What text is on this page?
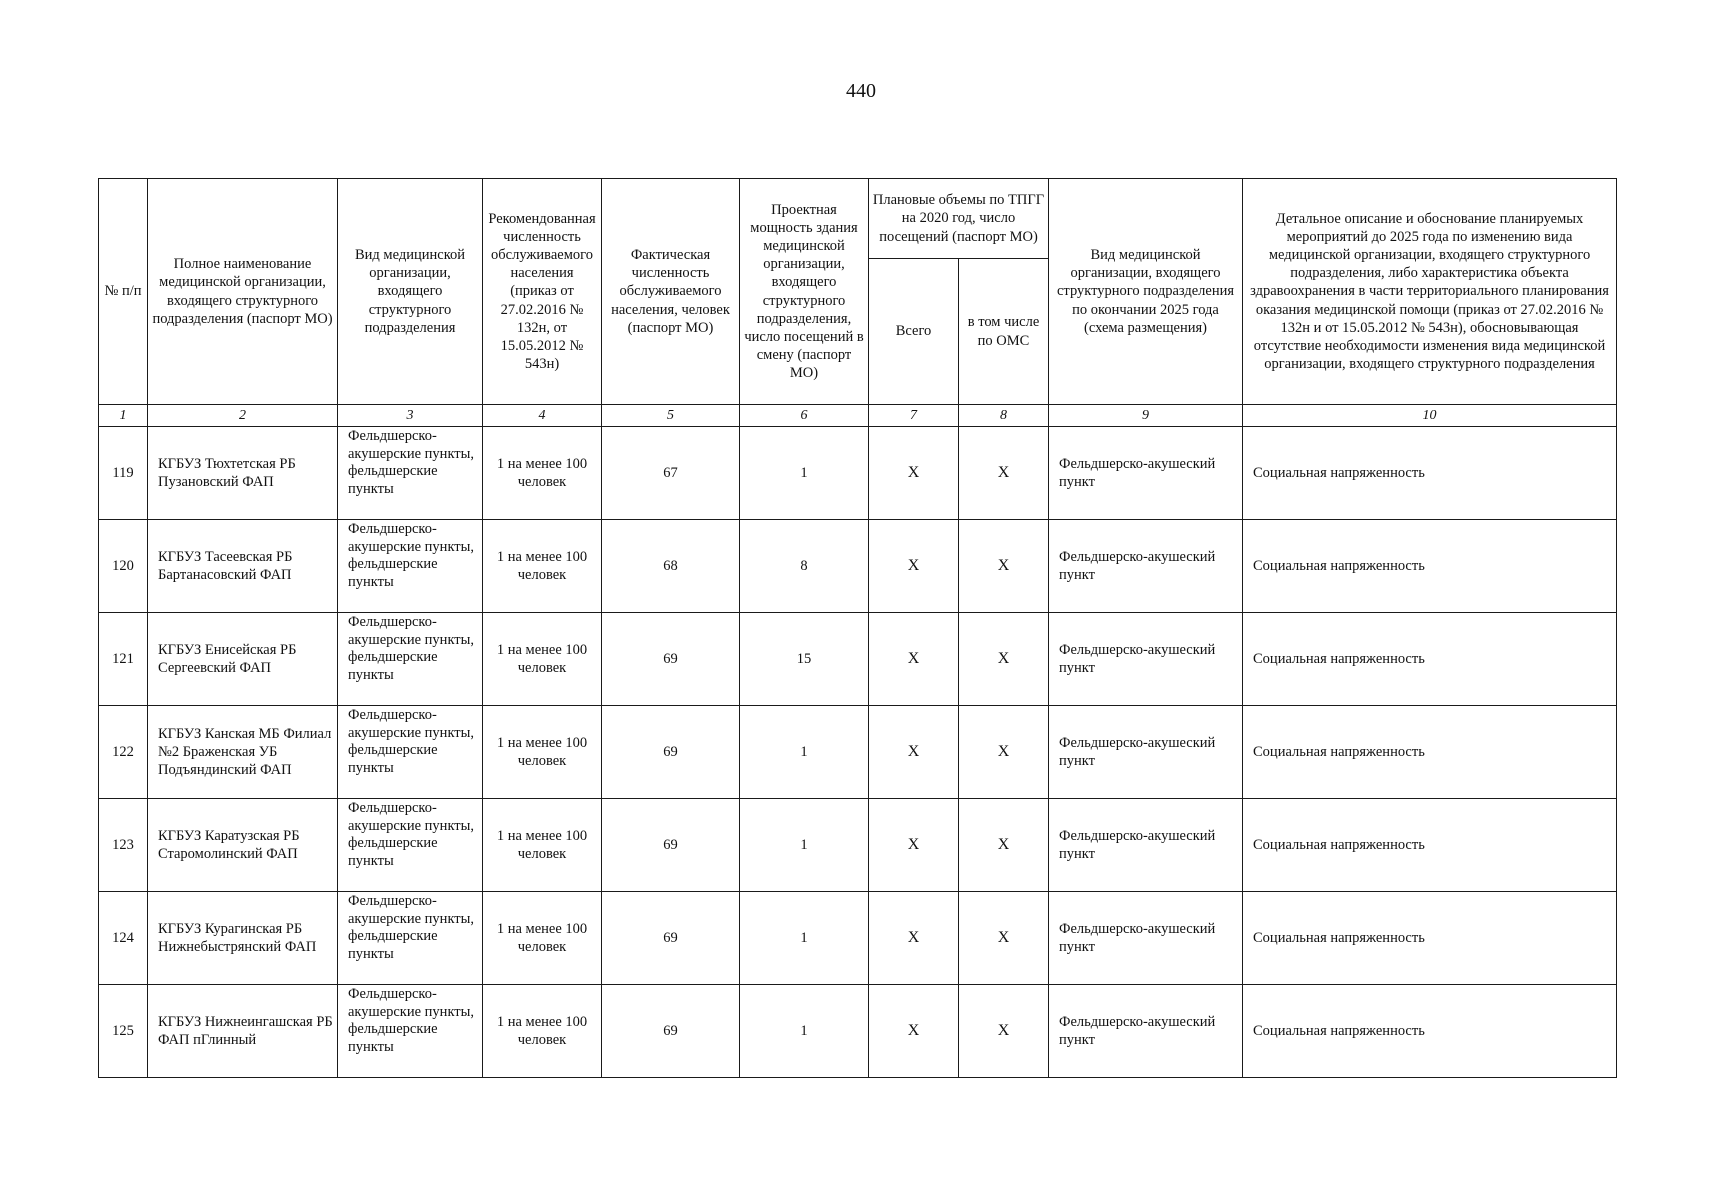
440
№ п/п	Полное наименование медицинской организации, входящего структурного подразделения (паспорт МО)	Вид медицинской организации, входящего структурного подразделения	Рекомендованная численность обслуживаемого населения (приказ от 27.02.2016 № 132н, от 15.05.2012 № 543н)	Фактическая численность обслуживаемого населения, человек (паспорт МО)	Проектная мощность здания медицинской организации, входящего структурного подразделения, число посещений в смену (паспорт МО)	Плановые объемы по ТПГГ на 2020 год, число посещений (паспорт МО)		Вид медицинской организации, входящего структурного подразделения по окончании 2025 года (схема размещения)	Детальное описание и обоснование планируемых мероприятий до 2025 года по изменению вида медицинской организации, входящего структурного подразделения, либо характеристика объекта здравоохранения в части территориального планирования оказания медицинской помощи (приказ от 27.02.2016 № 132н и от 15.05.2012 № 543н), обосновывающая отсутствие необходимости изменения вида медицинской организации, входящего структурного подразделения
						Всего	в том числе по ОМС		
1	2	3	4	5	6	7	8	9	10
119	КГБУЗ Тюхтетская РБ Пузановский ФАП	Фельдшерско-акушерские пункты, фельдшерские пункты	1 на менее 100 человек	67	1	Х	Х	Фельдшерско-акушеский пункт	Социальная напряженность
120	КГБУЗ Тасеевская РБ Бартанасовский ФАП	Фельдшерско-акушерские пункты, фельдшерские пункты	1 на менее 100 человек	68	8	Х	Х	Фельдшерско-акушеский пункт	Социальная напряженность
121	КГБУЗ Енисейская РБ Сергеевский ФАП	Фельдшерско-акушерские пункты, фельдшерские пункты	1 на менее 100 человек	69	15	Х	Х	Фельдшерско-акушеский пункт	Социальная напряженность
122	КГБУЗ Канская МБ Филиал №2 Браженская УБ Подъяндинский ФАП	Фельдшерско-акушерские пункты, фельдшерские пункты	1 на менее 100 человек	69	1	Х	Х	Фельдшерско-акушеский пункт	Социальная напряженность
123	КГБУЗ Каратузская РБ Старомолинский ФАП	Фельдшерско-акушерские пункты, фельдшерские пункты	1 на менее 100 человек	69	1	Х	Х	Фельдшерско-акушеский пункт	Социальная напряженность
124	КГБУЗ Курагинская РБ Нижнебыстрянский ФАП	Фельдшерско-акушерские пункты, фельдшерские пункты	1 на менее 100 человек	69	1	Х	Х	Фельдшерско-акушеский пункт	Социальная напряженность
125	КГБУЗ Нижнеингашская РБ ФАП пГлинный	Фельдшерско-акушерские пункты, фельдшерские пункты	1 на менее 100 человек	69	1	Х	Х	Фельдшерско-акушеский пункт	Социальная напряженность
